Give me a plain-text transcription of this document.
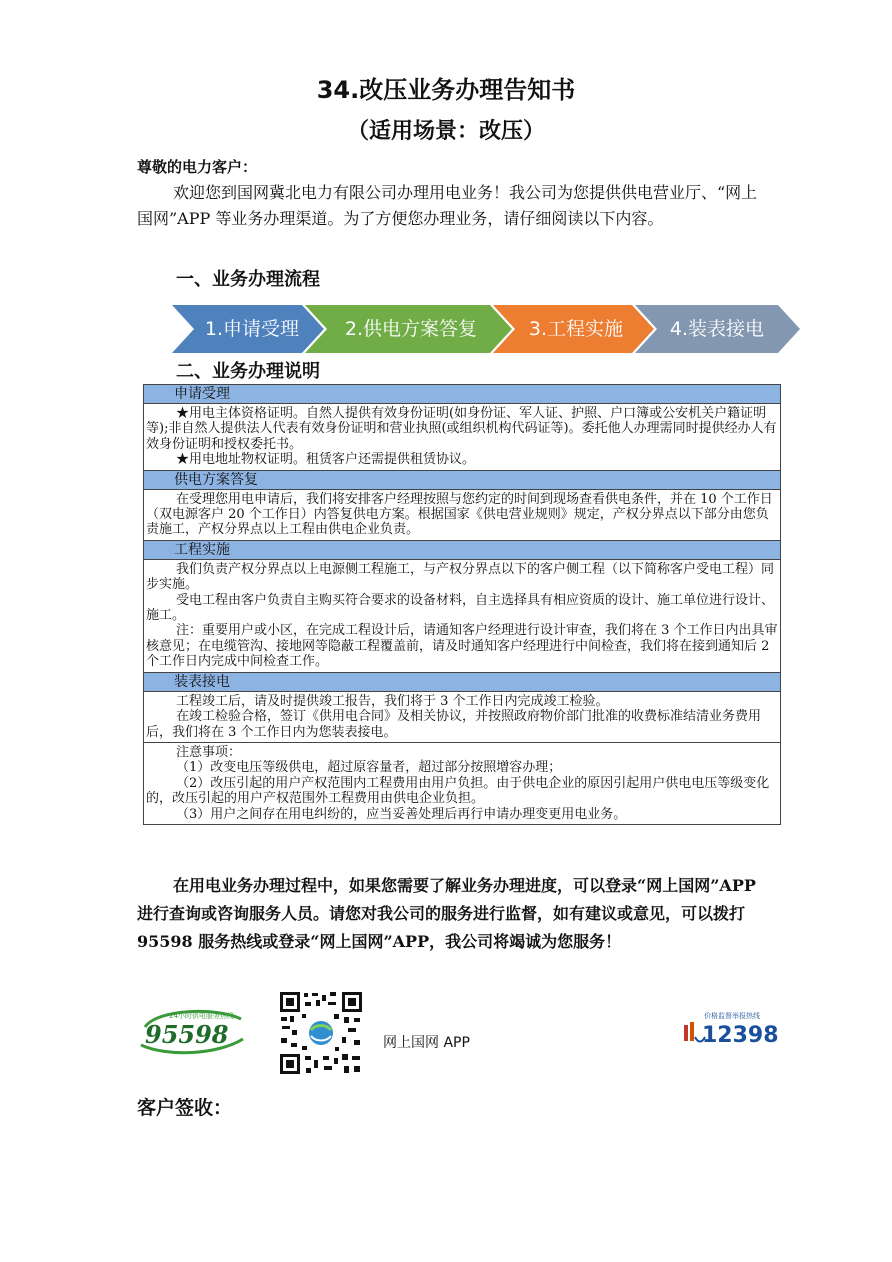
34.改压业务办理告知书
（适用场景：改压）
尊敬的电力客户：
欢迎您到国网冀北电力有限公司办理用电业务！我公司为您提供供电营业厅、“网上国网”APP 等业务办理渠道。为了方便您办理业务，请仔细阅读以下内容。
一、业务办理流程
1.申请受理	2.供电方案答复	3.工程实施	4.装表接电
二、业务办理说明
申请受理

★用电主体资格证明。自然人提供有效身份证明(如身份证、军人证、护照、户口簿或公安机关户籍证明等);非自然人提供法人代表有效身份证明和营业执照(或组织机构代码证等)。委托他人办理需同时提供经办人有效身份证明和授权委托书。

★用电地址物权证明。租赁客户还需提供租赁协议。

供电方案答复

在受理您用电申请后，我们将安排客户经理按照与您约定的时间到现场查看供电条件，并在 10 个工作日（双电源客户 20 个工作日）内答复供电方案。根据国家《供电营业规则》规定，产权分界点以下部分由您负责施工，产权分界点以上工程由供电企业负责。

工程实施

我们负责产权分界点以上电源侧工程施工，与产权分界点以下的客户侧工程（以下简称客户受电工程）同步实施。

受电工程由客户负责自主购买符合要求的设备材料，自主选择具有相应资质的设计、施工单位进行设计、施工。

注：重要用户或小区，在完成工程设计后，请通知客户经理进行设计审查，我们将在 3 个工作日内出具审核意见；在电缆管沟、接地网等隐蔽工程覆盖前，请及时通知客户经理进行中间检查，我们将在接到通知后 2 个工作日内完成中间检查工作。

装表接电

工程竣工后，请及时提供竣工报告，我们将于 3 个工作日内完成竣工检验。

在竣工检验合格，签订《供用电合同》及相关协议，并按照政府物价部门批准的收费标准结清业务费用后，我们将在 3 个工作日内为您装表接电。

注意事项：

（1）改变电压等级供电，超过原容量者，超过部分按照增容办理；

（2）改压引起的用户产权范围内工程费用由用户负担。由于供电企业的原因引起用户供电电压等级变化的，改压引起的用户产权范围外工程费用由供电企业负担。

（3）用户之间存在用电纠纷的，应当妥善处理后再行申请办理变更用电业务。

在用电业务办理过程中，如果您需要了解业务办理进度，可以登录“网上国网”APP 进行查询或咨询服务人员。请您对我公司的服务进行监督，如有建议或意见，可以拨打 95598 服务热线或登录“网上国网”APP，我公司将竭诚为您服务！
24小时供电服务热线
95598	网上国网 APP
价格监督举报热线
12398
客户签收：
